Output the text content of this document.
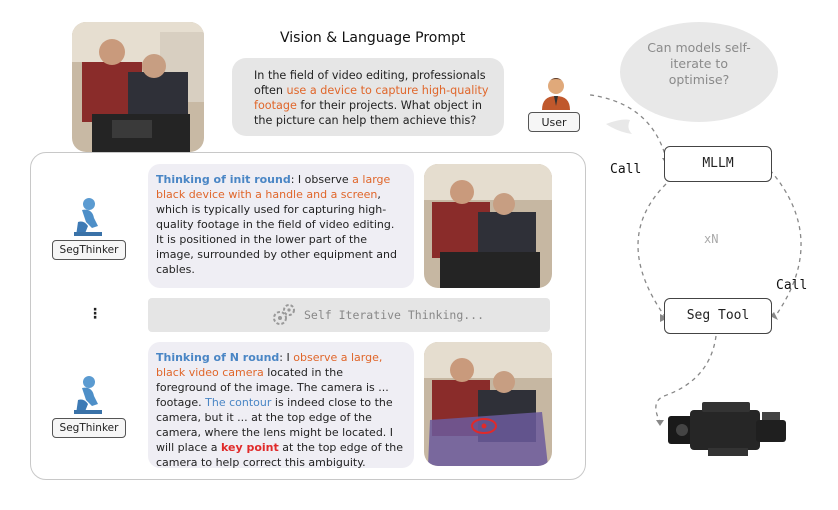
Vision & Language Prompt
In the field of video editing, professionals often use a device to capture high-quality footage for their projects. What object in the picture can help them achieve this?
Can models self-iterate to optimise?
User
SegThinker
Thinking of init round: I observe a large black device with a handle and a screen, which is typically used for capturing high-quality footage in the field of video editing. It is positioned in the lower part of the image, surrounded by other equipment and cables.
⋮	Self Iterative Thinking...
SegThinker
Thinking of N round: I observe a large, black video camera located in the foreground of the image. The camera is ... footage. The contour is indeed close to the camera, but it ... at the top edge of the camera, where the lens might be located. I will place a key point at the top edge of the camera to help correct this ambiguity.
MLLM
Seg Tool
Call
Call
xN
